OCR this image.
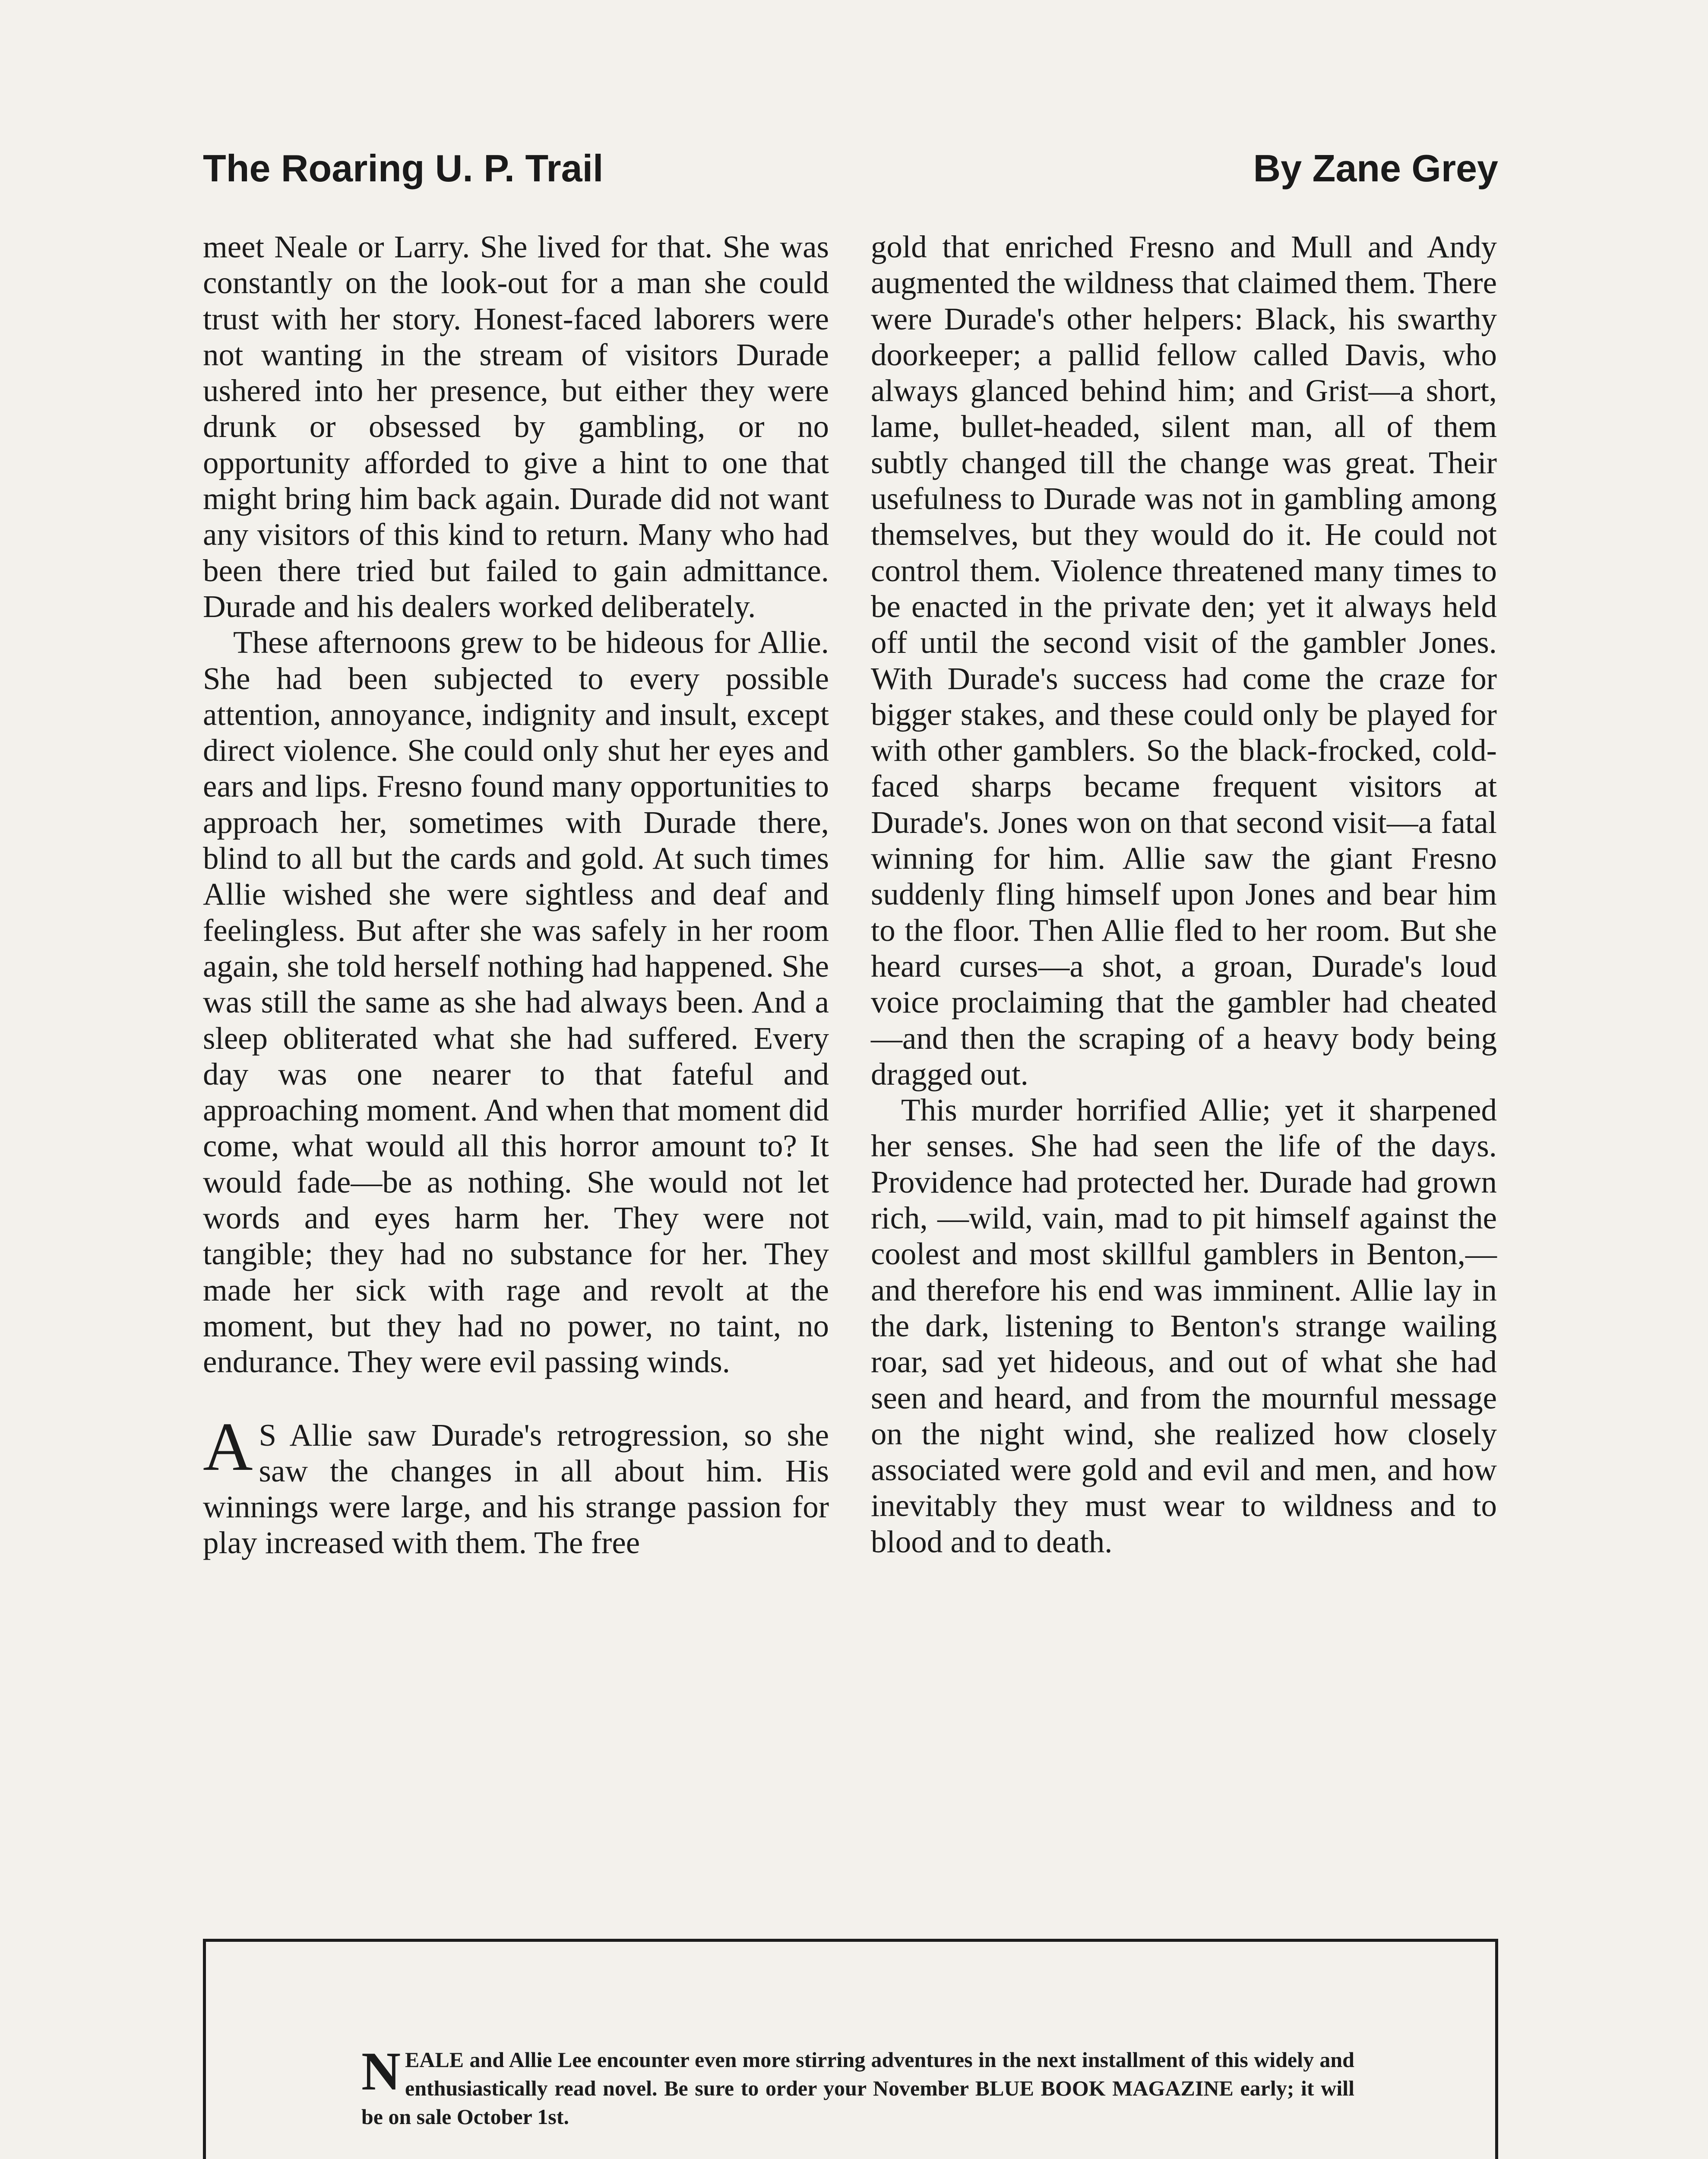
The Roaring U. P. Trail	By Zane Grey

meet Neale or Larry. She lived for that. She was constantly on the look-out for a man she could trust with her story. Honest-faced laborers were not wanting in the stream of visitors Durade ushered into her presence, but either they were drunk or obsessed by gambling, or no opportunity afforded to give a hint to one that might bring him back again. Durade did not want any visitors of this kind to return. Many who had been there tried but failed to gain admittance. Durade and his dealers worked deliberately.

These afternoons grew to be hideous for Allie. She had been subjected to every possible attention, annoyance, indignity and insult, except direct violence. She could only shut her eyes and ears and lips. Fresno found many opportunities to approach her, sometimes with Durade there, blind to all but the cards and gold. At such times Allie wished she were sightless and deaf and feelingless. But after she was safely in her room again, she told herself nothing had happened. She was still the same as she had always been. And a sleep obliterated what she had suffered. Every day was one nearer to that fateful and approaching moment. And when that moment did come, what would all this horror amount to? It would fade—be as nothing. She would not let words and eyes harm her. They were not tangible; they had no substance for her. They made her sick with rage and revolt at the moment, but they had no power, no taint, no endurance. They were evil passing winds.

A S Allie saw Durade's retrogression, so she saw the changes in all about him. His winnings were large, and his strange passion for play increased with them. The free

gold that enriched Fresno and Mull and Andy augmented the wildness that claimed them. There were Durade's other helpers: Black, his swarthy doorkeeper; a pallid fellow called Davis, who always glanced behind him; and Grist—a short, lame, bullet-headed, silent man, all of them subtly changed till the change was great. Their usefulness to Durade was not in gambling among themselves, but they would do it. He could not control them. Violence threatened many times to be enacted in the private den; yet it always held off until the second visit of the gambler Jones. With Durade's success had come the craze for bigger stakes, and these could only be played for with other gamblers. So the black-frocked, cold-faced sharps became frequent visitors at Durade's. Jones won on that second visit—a fatal winning for him. Allie saw the giant Fresno suddenly fling himself upon Jones and bear him to the floor. Then Allie fled to her room. But she heard curses—a shot, a groan, Durade's loud voice proclaiming that the gambler had cheated—and then the scraping of a heavy body being dragged out.

This murder horrified Allie; yet it sharpened her senses. She had seen the life of the days. Providence had protected her. Durade had grown rich, —wild, vain, mad to pit himself against the coolest and most skillful gamblers in Benton,—and therefore his end was imminent. Allie lay in the dark, listening to Benton's strange wailing roar, sad yet hideous, and out of what she had seen and heard, and from the mournful message on the night wind, she realized how closely associated were gold and evil and men, and how inevitably they must wear to wildness and to blood and to death.

NEALE and Allie Lee encounter even more stirring adventures in the next installment of this widely and enthusiastically read novel. Be sure to order your November BLUE BOOK MAGAZINE early; it will be on sale October 1st.
